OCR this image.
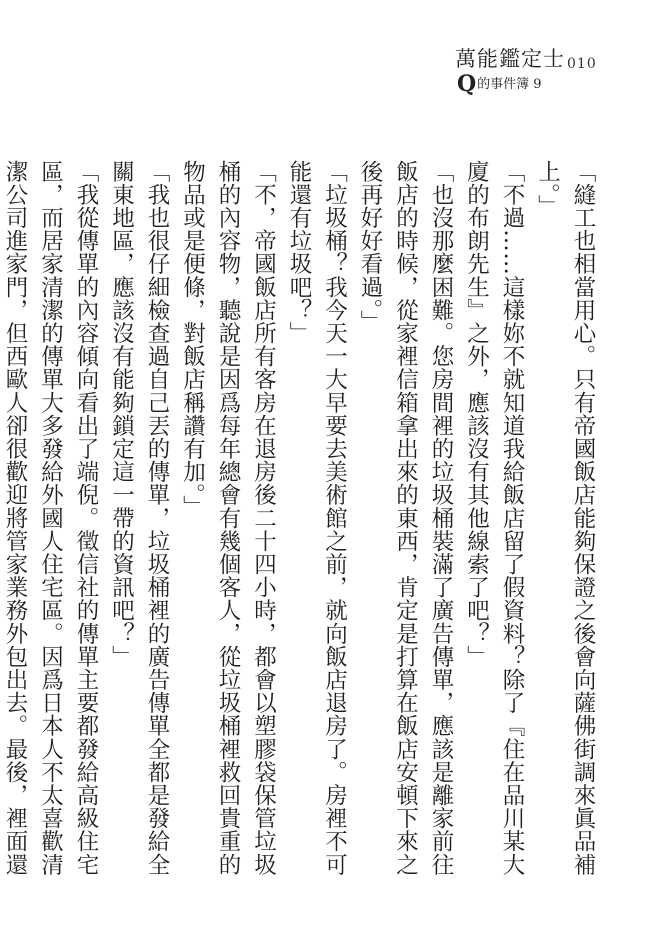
萬能鑑定士 010
Q的事件簿 9

「縫工也相當用心。只有帝國飯店能夠保證之後會向薩佛街調來眞品補上。」

「不過……這樣妳不就知道我給飯店留了假資料？除了『住在品川某大廈的布朗先生』之外，應該沒有其他線索了吧？」

「也沒那麼困難。您房間裡的垃圾桶裝滿了廣告傳單，應該是離家前往飯店的時候，從家裡信箱拿出來的東西，肯定是打算在飯店安頓下來之後再好好看過。」

「垃圾桶？我今天一大早要去美術館之前，就向飯店退房了。房裡不可能還有垃圾吧？」

「不，帝國飯店所有客房在退房後二十四小時，都會以塑膠袋保管垃圾桶的內容物，聽說是因爲每年總會有幾個客人，從垃圾桶裡救回貴重的物品或是便條，對飯店稱讚有加。」

「我也很仔細檢查過自己丟的傳單，垃圾桶裡的廣告傳單全都是發給全關東地區，應該沒有能夠鎖定這一帶的資訊吧？」

「我從傳單的內容傾向看出了端倪。徵信社的傳單主要都發給高級住宅區，而居家清潔的傳單大多發給外國人住宅區。因爲日本人不太喜歡清潔公司進家門，但西歐人卻很歡迎將管家業務外包出去。最後，裡面還
